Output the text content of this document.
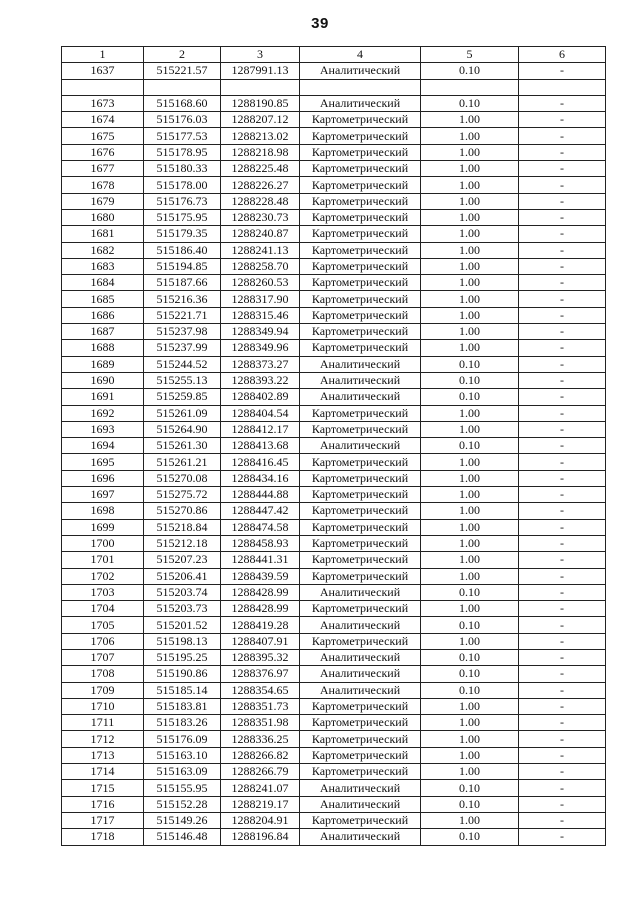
39
1	2	3	4	5	6
1637	515221.57	1287991.13	Аналитический	0.10	-

1673	515168.60	1288190.85	Аналитический	0.10	-
1674	515176.03	1288207.12	Картометрический	1.00	-
1675	515177.53	1288213.02	Картометрический	1.00	-
1676	515178.95	1288218.98	Картометрический	1.00	-
1677	515180.33	1288225.48	Картометрический	1.00	-
1678	515178.00	1288226.27	Картометрический	1.00	-
1679	515176.73	1288228.48	Картометрический	1.00	-
1680	515175.95	1288230.73	Картометрический	1.00	-
1681	515179.35	1288240.87	Картометрический	1.00	-
1682	515186.40	1288241.13	Картометрический	1.00	-
1683	515194.85	1288258.70	Картометрический	1.00	-
1684	515187.66	1288260.53	Картометрический	1.00	-
1685	515216.36	1288317.90	Картометрический	1.00	-
1686	515221.71	1288315.46	Картометрический	1.00	-
1687	515237.98	1288349.94	Картометрический	1.00	-
1688	515237.99	1288349.96	Картометрический	1.00	-
1689	515244.52	1288373.27	Аналитический	0.10	-
1690	515255.13	1288393.22	Аналитический	0.10	-
1691	515259.85	1288402.89	Аналитический	0.10	-
1692	515261.09	1288404.54	Картометрический	1.00	-
1693	515264.90	1288412.17	Картометрический	1.00	-
1694	515261.30	1288413.68	Аналитический	0.10	-
1695	515261.21	1288416.45	Картометрический	1.00	-
1696	515270.08	1288434.16	Картометрический	1.00	-
1697	515275.72	1288444.88	Картометрический	1.00	-
1698	515270.86	1288447.42	Картометрический	1.00	-
1699	515218.84	1288474.58	Картометрический	1.00	-
1700	515212.18	1288458.93	Картометрический	1.00	-
1701	515207.23	1288441.31	Картометрический	1.00	-
1702	515206.41	1288439.59	Картометрический	1.00	-
1703	515203.74	1288428.99	Аналитический	0.10	-
1704	515203.73	1288428.99	Картометрический	1.00	-
1705	515201.52	1288419.28	Аналитический	0.10	-
1706	515198.13	1288407.91	Картометрический	1.00	-
1707	515195.25	1288395.32	Аналитический	0.10	-
1708	515190.86	1288376.97	Аналитический	0.10	-
1709	515185.14	1288354.65	Аналитический	0.10	-
1710	515183.81	1288351.73	Картометрический	1.00	-
1711	515183.26	1288351.98	Картометрический	1.00	-
1712	515176.09	1288336.25	Картометрический	1.00	-
1713	515163.10	1288266.82	Картометрический	1.00	-
1714	515163.09	1288266.79	Картометрический	1.00	-
1715	515155.95	1288241.07	Аналитический	0.10	-
1716	515152.28	1288219.17	Аналитический	0.10	-
1717	515149.26	1288204.91	Картометрический	1.00	-
1718	515146.48	1288196.84	Аналитический	0.10	-
